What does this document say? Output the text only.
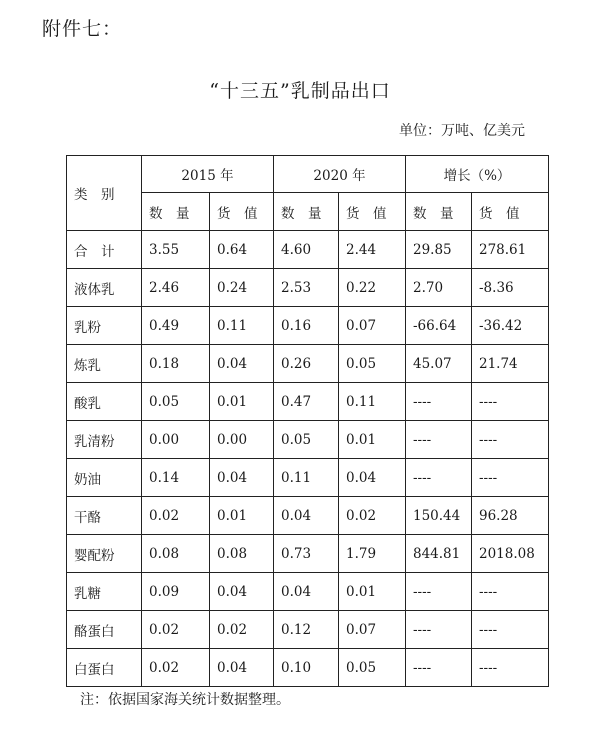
附件七：
“十三五”乳制品出口
单位：万吨、亿美元
类　别	2015 年		2020 年		增长（%）	
	数　量	货　值	数　量	货　值	数　量	货　值
合　计	3.55	0.64	4.60	2.44	29.85	278.61
液体乳	2.46	0.24	2.53	0.22	2.70	-8.36
乳粉	0.49	0.11	0.16	0.07	-66.64	-36.42
炼乳	0.18	0.04	0.26	0.05	45.07	21.74
酸乳	0.05	0.01	0.47	0.11	----	----
乳清粉	0.00	0.00	0.05	0.01	----	----
奶油	0.14	0.04	0.11	0.04	----	----
干酪	0.02	0.01	0.04	0.02	150.44	96.28
婴配粉	0.08	0.08	0.73	1.79	844.81	2018.08
乳糖	0.09	0.04	0.04	0.01	----	----
酪蛋白	0.02	0.02	0.12	0.07	----	----
白蛋白	0.02	0.04	0.10	0.05	----	----
注：依据国家海关统计数据整理。
